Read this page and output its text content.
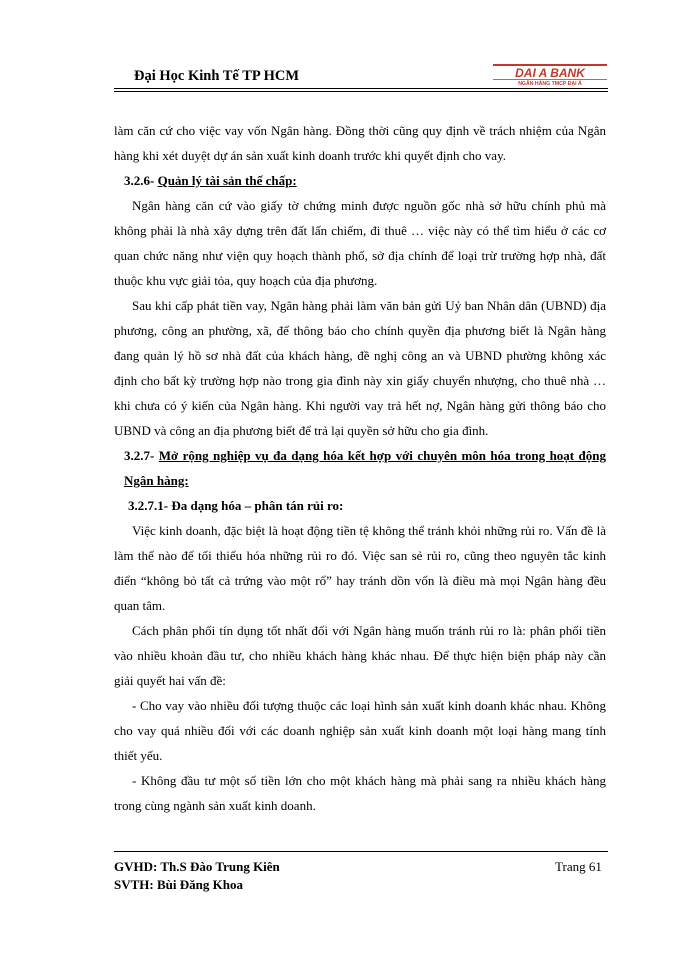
Đại Học Kinh Tế TP HCM	DAI A BANK
NGÂN HÀNG TMCP ĐẠI Á

làm căn cứ cho việc vay vốn Ngân hàng. Đồng thời cũng quy định về trách nhiệm của Ngân hàng khi xét duyệt dự án sản xuất kinh doanh trước khi quyết định cho vay.

3.2.6- Quản lý tài sản thế chấp:

Ngân hàng căn cứ vào giấy tờ chứng minh được nguồn gốc nhà sở hữu chính phủ mà không phải là nhà xây dựng trên đất lấn chiếm, đi thuê … việc này có thể tìm hiểu ở các cơ quan chức năng như viện quy hoạch thành phố, sở địa chính để loại trừ trường hợp nhà, đất thuộc khu vực giải tỏa, quy hoạch của địa phương.

Sau khi cấp phát tiền vay, Ngân hàng phải làm văn bản gửi Uỷ ban Nhân dân (UBND) địa phương, công an phường, xã, để thông báo cho chính quyền địa phương biết là Ngân hàng đang quản lý hồ sơ nhà đất của khách hàng, đề nghị công an và UBND phường không xác định cho bất kỳ trường hợp nào trong gia đình này xin giấy chuyển nhượng, cho thuê nhà … khi chưa có ý kiến của Ngân hàng. Khi người vay trả hết nợ, Ngân hàng gửi thông báo cho UBND và công an địa phương biết để trả lại quyền sở hữu cho gia đình.

3.2.7- Mở rộng nghiệp vụ đa dạng hóa kết hợp với chuyên môn hóa trong hoạt động Ngân hàng:

3.2.7.1- Đa dạng hóa – phân tán rủi ro:

Việc kinh doanh, đặc biệt là hoạt động tiền tệ không thể tránh khỏi những rủi ro. Vấn đề là làm thế nào để tối thiểu hóa những rủi ro đó. Việc san sẻ rủi ro, cũng theo nguyên tắc kinh điển “không bỏ tất cả trứng vào một rổ” hay tránh dồn vốn là điều mà mọi Ngân hàng đều quan tâm.

Cách phân phối tín dụng tốt nhất đối với Ngân hàng muốn tránh rủi ro là: phân phối tiền vào nhiều khoản đầu tư, cho nhiều khách hàng khác nhau. Để thực hiện biện pháp này cần giải quyết hai vấn đề:

- Cho vay vào nhiều đối tượng thuộc các loại hình sản xuất kinh doanh khác nhau. Không cho vay quá nhiều đối với các doanh nghiệp sản xuất kinh doanh một loại hàng mang tính thiết yếu.

- Không đầu tư một số tiền lớn cho một khách hàng mà phải sang ra nhiều khách hàng trong cùng ngành sản xuất kinh doanh.

GVHD: Th.S Đào Trung Kiên
SVTH: Bùi Đăng Khoa
Trang 61
